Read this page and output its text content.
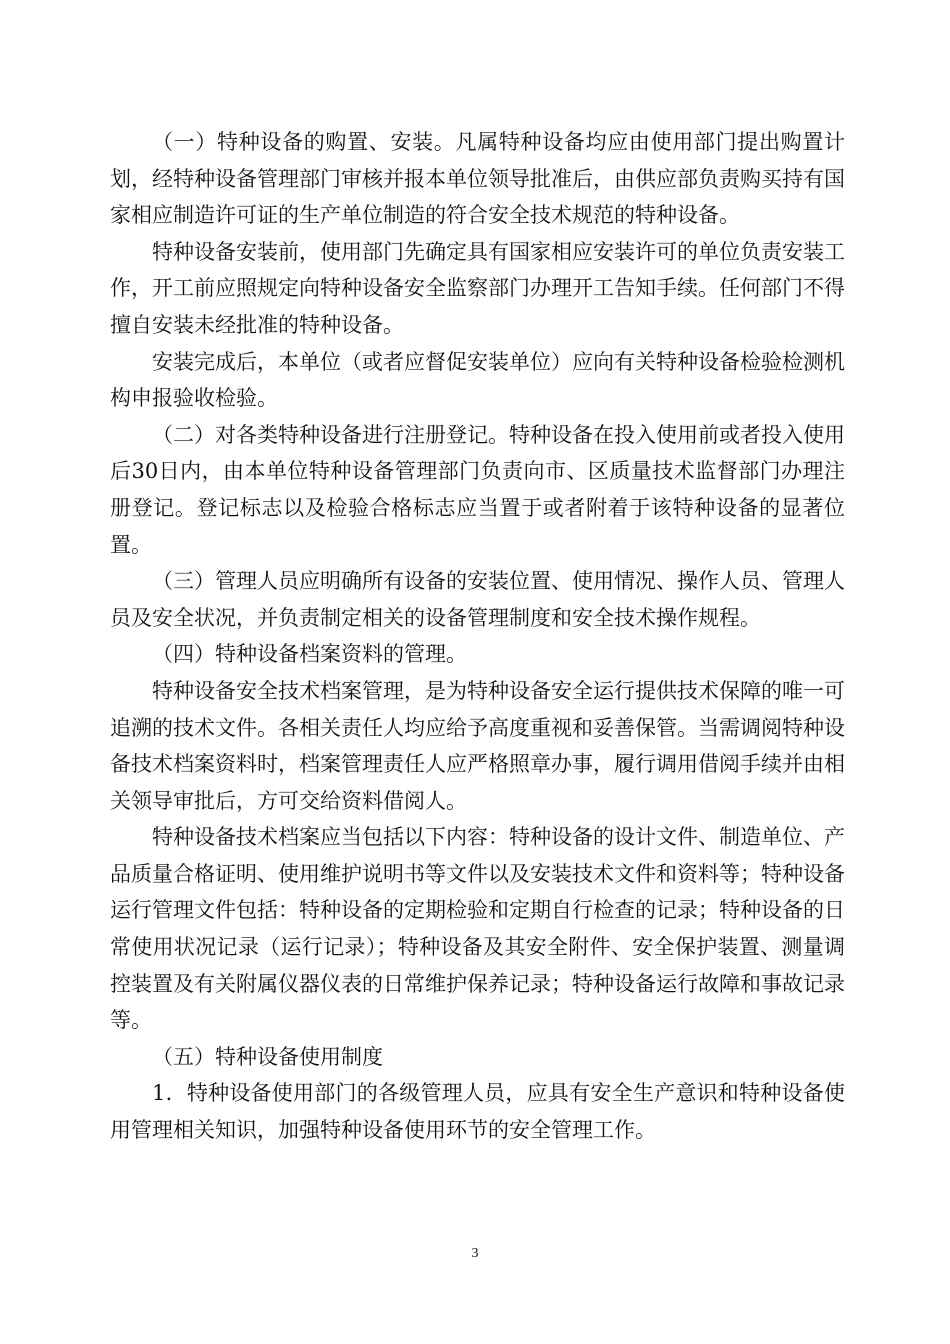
（一）特种设备的购置、安装。凡属特种设备均应由使用部门提出购置计划，经特种设备管理部门审核并报本单位领导批准后，由供应部负责购买持有国家相应制造许可证的生产单位制造的符合安全技术规范的特种设备。

特种设备安装前，使用部门先确定具有国家相应安装许可的单位负责安装工作，开工前应照规定向特种设备安全监察部门办理开工告知手续。任何部门不得擅自安装未经批准的特种设备。

安装完成后，本单位（或者应督促安装单位）应向有关特种设备检验检测机构申报验收检验。

（二）对各类特种设备进行注册登记。特种设备在投入使用前或者投入使用后30日内，由本单位特种设备管理部门负责向市、区质量技术监督部门办理注册登记。登记标志以及检验合格标志应当置于或者附着于该特种设备的显著位置。

（三）管理人员应明确所有设备的安装位置、使用情况、操作人员、管理人员及安全状况，并负责制定相关的设备管理制度和安全技术操作规程。

（四）特种设备档案资料的管理。

特种设备安全技术档案管理，是为特种设备安全运行提供技术保障的唯一可追溯的技术文件。各相关责任人均应给予高度重视和妥善保管。当需调阅特种设备技术档案资料时，档案管理责任人应严格照章办事，履行调用借阅手续并由相关领导审批后，方可交给资料借阅人。

特种设备技术档案应当包括以下内容：特种设备的设计文件、制造单位、产品质量合格证明、使用维护说明书等文件以及安装技术文件和资料等；特种设备运行管理文件包括：特种设备的定期检验和定期自行检查的记录；特种设备的日常使用状况记录（运行记录）；特种设备及其安全附件、安全保护装置、测量调控装置及有关附属仪器仪表的日常维护保养记录；特种设备运行故障和事故记录等。

（五）特种设备使用制度

1．特种设备使用部门的各级管理人员，应具有安全生产意识和特种设备使用管理相关知识，加强特种设备使用环节的安全管理工作。

3
